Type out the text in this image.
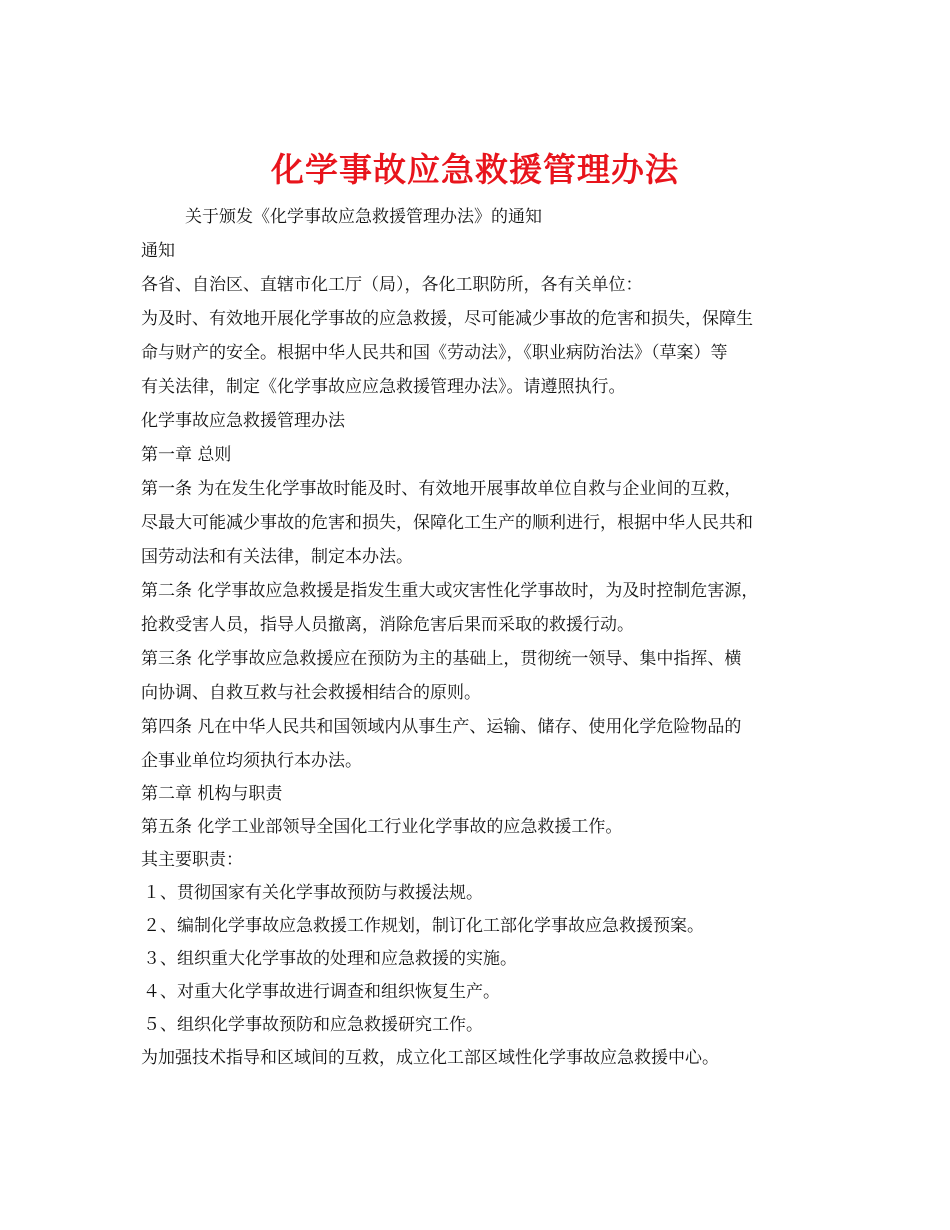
化学事故应急救援管理办法

关于颁发《化学事故应急救援管理办法》的通知

通知

各省、自治区、直辖市化工厅（局），各化工职防所，各有关单位：

为及时、有效地开展化学事故的应急救援，尽可能减少事故的危害和损失，保障生

命与财产的安全。根据中华人民共和国《劳动法》，《职业病防治法》（草案）等

有关法律，制定《化学事故应应急救援管理办法》。请遵照执行。

化学事故应急救援管理办法

第一章 总则

第一条 为在发生化学事故时能及时、有效地开展事故单位自救与企业间的互救，

尽最大可能减少事故的危害和损失，保障化工生产的顺利进行，根据中华人民共和

国劳动法和有关法律，制定本办法。

第二条 化学事故应急救援是指发生重大或灾害性化学事故时，为及时控制危害源，

抢救受害人员，指导人员撤离，消除危害后果而采取的救援行动。

第三条 化学事故应急救援应在预防为主的基础上，贯彻统一领导、集中指挥、横

向协调、自救互救与社会救援相结合的原则。

第四条 凡在中华人民共和国领域内从事生产、运输、储存、使用化学危险物品的

企事业单位均须执行本办法。

第二章 机构与职责

第五条 化学工业部领导全国化工行业化学事故的应急救援工作。

其主要职责：

１、贯彻国家有关化学事故预防与救援法规。

２、编制化学事故应急救援工作规划，制订化工部化学事故应急救援预案。

３、组织重大化学事故的处理和应急救援的实施。

４、对重大化学事故进行调查和组织恢复生产。

５、组织化学事故预防和应急救援研究工作。

为加强技术指导和区域间的互救，成立化工部区域性化学事故应急救援中心。
